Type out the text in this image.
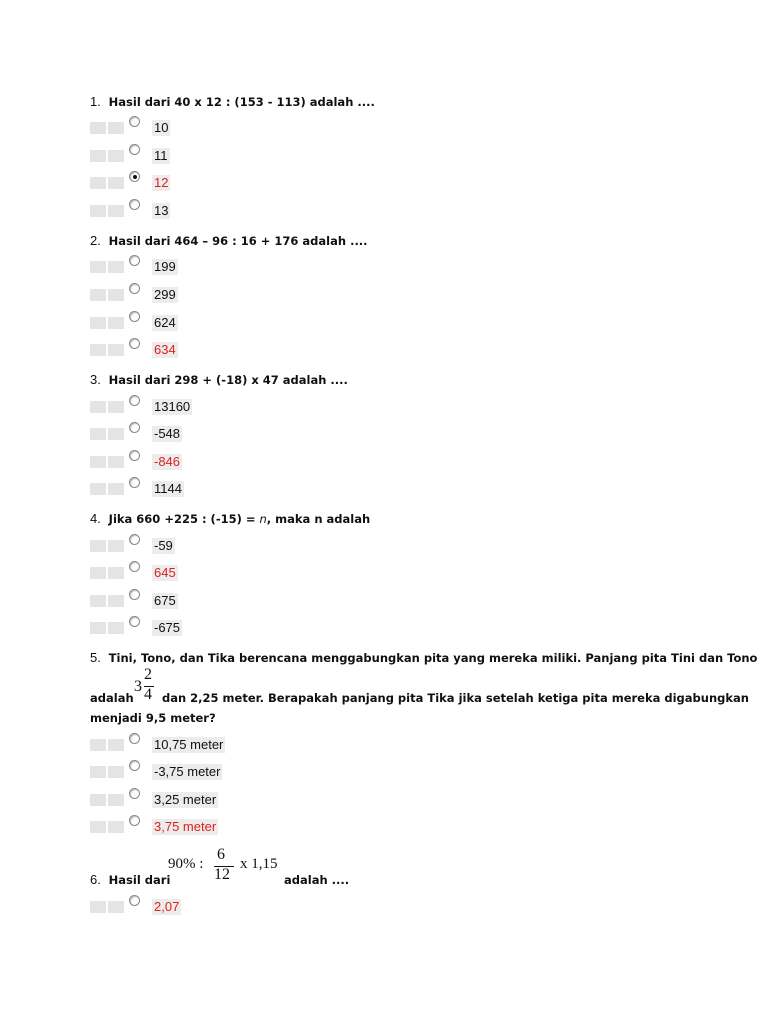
1. Hasil dari 40 x 12 : (153 - 113) adalah ....
10
11
12
13
2. Hasil dari 464 – 96 : 16 + 176 adalah ....
199
299
624
634
3. Hasil dari 298 + (-18) x 47 adalah ....
13160
-548
-846
1144
4. Jika 660 +225 : (-15) = n, maka n adalah
-59
645
675
-675
5. Tini, Tono, dan Tika berencana menggabungkan pita yang mereka miliki. Panjang pita Tini dan Tono
adalah
3
2
4 dan 2,25 meter. Berapakah panjang pita Tika jika setelah ketiga pita mereka digabungkan
menjadi 9,5 meter?
10,75 meter
-3,75 meter
3,25 meter
3,75 meter
6. Hasil dari
90% :
6
12
x 1,15
adalah ....
2,07
